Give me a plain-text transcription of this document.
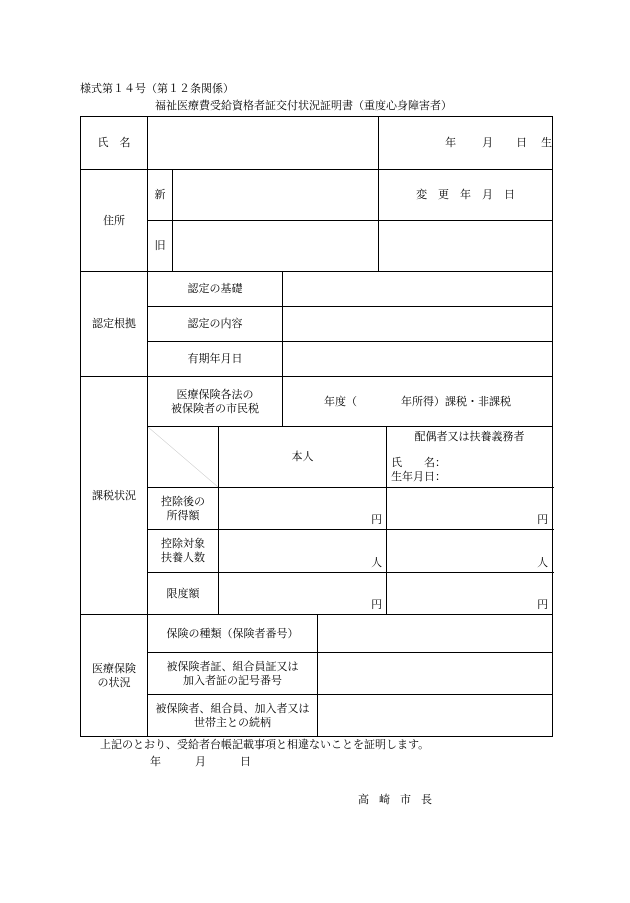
様式第１４号（第１２条関係）
福祉医療費受給資格者証交付状況証明書（重度心身障害者）
氏　名						年 月 日 生	

住所	新					変　更　年　月　日	
	旧						
認定根拠	認定の基礎						
	認定の内容						
	有期年月日						
課税状況	医療保険各法の
被保険者の市民税			年度（　　　　年所得）課税・非課税			

	本人				配偶者又は扶養義務者
氏　　名：
生年月日：

	控除後の
所得額		円				円

	控除対象
扶養人数		人				人
	限度額		円				円

医療保険
の状況	保険の種類（保険者番号）						

	被保険者証、組合員証又は
加入者証の記号番号						

	被保険者、組合員、加入者又は
世帯主との続柄						

上記のとおり、受給者台帳記載事項と相違ないことを証明します。
年	月	日
高崎市長
